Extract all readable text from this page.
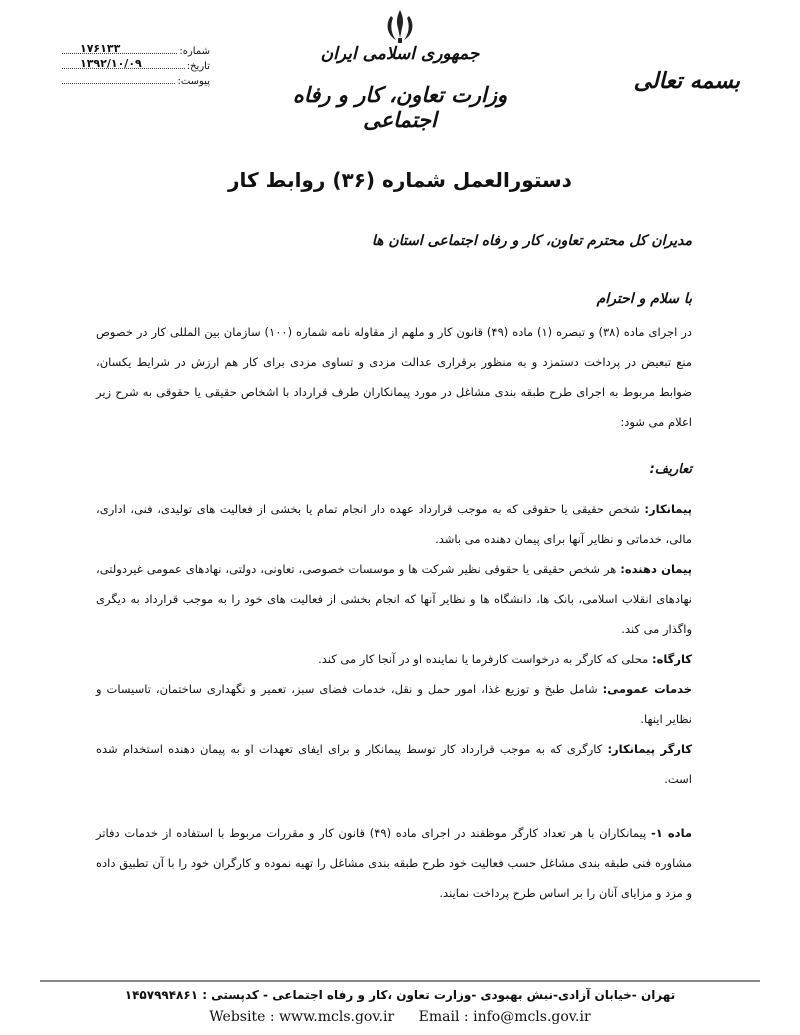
بسمه تعالی
جمهوری اسلامی ایران
وزارت تعاون، کار و رفاه اجتماعی
شماره:
۱۷۶۱۳۳
تاریخ:
۱۳۹۲/۱۰/۰۹
پیوست:
دستورالعمل شماره (۳۶) روابط کار
مدیران کل محترم تعاون، کار و رفاه اجتماعی استان ها
با سلام و احترام
در اجرای ماده (۳۸) و تبصره (۱) ماده (۴۹) قانون کار و ملهم از مقاوله نامه شماره (۱۰۰) سازمان بین المللی کار در خصوص منع تبعیض در پرداخت دستمزد و به منظور برقراری عدالت مزدی و تساوی مزدی برای کار هم ارزش در شرایط یکسان، ضوابط مربوط به اجرای طرح طبقه بندی مشاغل در مورد پیمانکاران طرف قرارداد با اشخاص حقیقی یا حقوقی به شرح زیر اعلام می شود:
تعاریف:

پیمانکار: شخص حقیقی یا حقوقی که به موجب قرارداد عهده دار انجام تمام یا بخشی از فعالیت های تولیدی، فنی، اداری، مالی، خدماتی و نظایر آنها برای پیمان دهنده می باشد.

پیمان دهنده: هر شخص حقیقی یا حقوقی نظیر شرکت ها و موسسات خصوصی، تعاونی، دولتی، نهادهای عمومی غیردولتی، نهادهای انقلاب اسلامی، بانک ها، دانشگاه ها و نظایر آنها که انجام بخشی از فعالیت های خود را به موجب قرارداد به دیگری واگذار می کند.

کارگاه: محلی که کارگر به درخواست کارفرما یا نماینده او در آنجا کار می کند.

خدمات عمومی: شامل طبخ و توزیع غذا، امور حمل و نقل، خدمات فضای سبز، تعمیر و نگهداری ساختمان، تاسیسات و نظایر اینها.

کارگر پیمانکار: کارگری که به موجب قرارداد کار توسط پیمانکار و برای ایفای تعهدات او به پیمان دهنده استخدام شده است.

ماده ۱- پیمانکاران با هر تعداد کارگر موظفند در اجرای ماده (۴۹) قانون کار و مقررات مربوط با استفاده از خدمات دفاتر مشاوره فنی طبقه بندی مشاغل حسب فعالیت خود طرح طبقه بندی مشاغل را تهیه نموده و کارگران خود را با آن تطبیق داده و مزد و مزایای آنان را بر اساس طرح پرداخت نمایند.
تهران -خیابان آزادی-نبش بهبودی -وزارت تعاون ،کار و رفاه اجتماعی - کدپستی : ۱۴۵۷۹۹۴۸۶۱
Website : www.mcls.gov.ir Email : info@mcls.gov.ir
